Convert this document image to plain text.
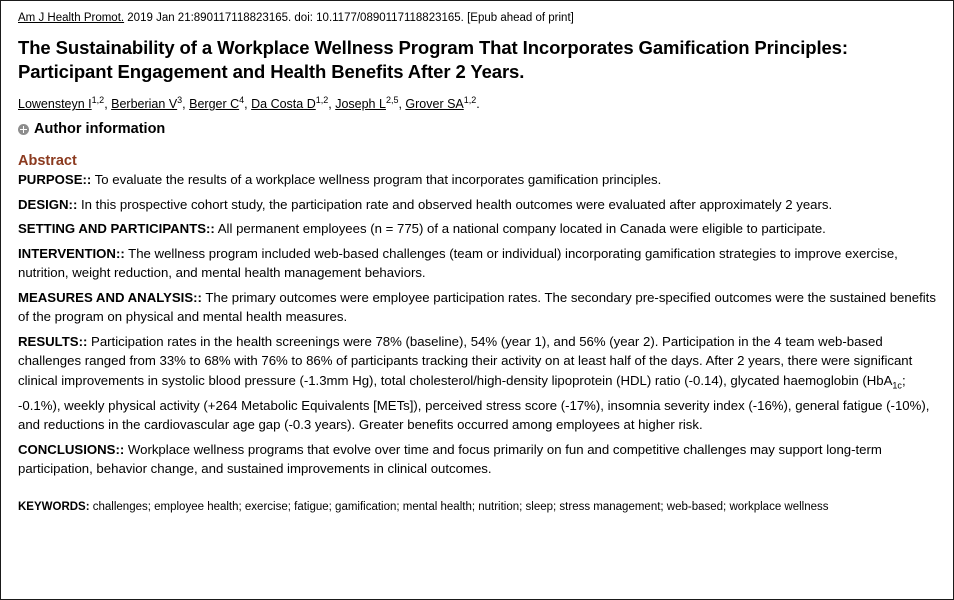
Am J Health Promot. 2019 Jan 21:890117118823165. doi: 10.1177/0890117118823165. [Epub ahead of print]

The Sustainability of a Workplace Wellness Program That Incorporates Gamification Principles: Participant Engagement and Health Benefits After 2 Years.

Lowensteyn I$^{1,2}$, Berberian $V^3$, Berger $C^4$, Da Costa D$^{1,2}$, Joseph L$^{2,5}$, Grover SA$^{1,2}$.

Author information
Abstract

PURPOSE:: To evaluate the results of a workplace wellness program that incorporates gamification principles.

DESIGN:: In this prospective cohort study, the participation rate and observed health outcomes were evaluated after approximately 2 years.

SETTING AND PARTICIPANTS:: All permanent employees (n = 775) of a national company located in Canada were eligible to participate.

INTERVENTION:: The wellness program included web-based challenges (team or individual) incorporating gamification strategies to improve exercise, nutrition, weight reduction, and mental health management behaviors.

MEASURES AND ANALYSIS:: The primary outcomes were employee participation rates. The secondary pre-specified outcomes were the sustained benefits of the program on physical and mental health measures.

RESULTS:: Participation rates in the health screenings were 78% (baseline), 54% (year 1), and 56% (year 2). Participation in the 4 team web-based challenges ranged from 33% to 68% with 76% to 86% of participants tracking their activity on at least half of the days. After 2 years, there were significant clinical improvements in systolic blood pressure (-1.3mm Hg), total cholesterol/high-density lipoprotein (HDL) ratio (-0.14), glycated haemoglobin (HbA$_{1c}$; -0.1%), weekly physical activity (+264 Metabolic Equivalents [METs]), perceived stress score (-17%), insomnia severity index (-16%), general fatigue (-10%), and reductions in the cardiovascular age gap (-0.3 years). Greater benefits occurred among employees at higher risk.

CONCLUSIONS:: Workplace wellness programs that evolve over time and focus primarily on fun and competitive challenges may support long-term participation, behavior change, and sustained improvements in clinical outcomes.

KEYWORDS: challenges; employee health; exercise; fatigue; gamification; mental health; nutrition; sleep; stress management; web-based; workplace wellness
